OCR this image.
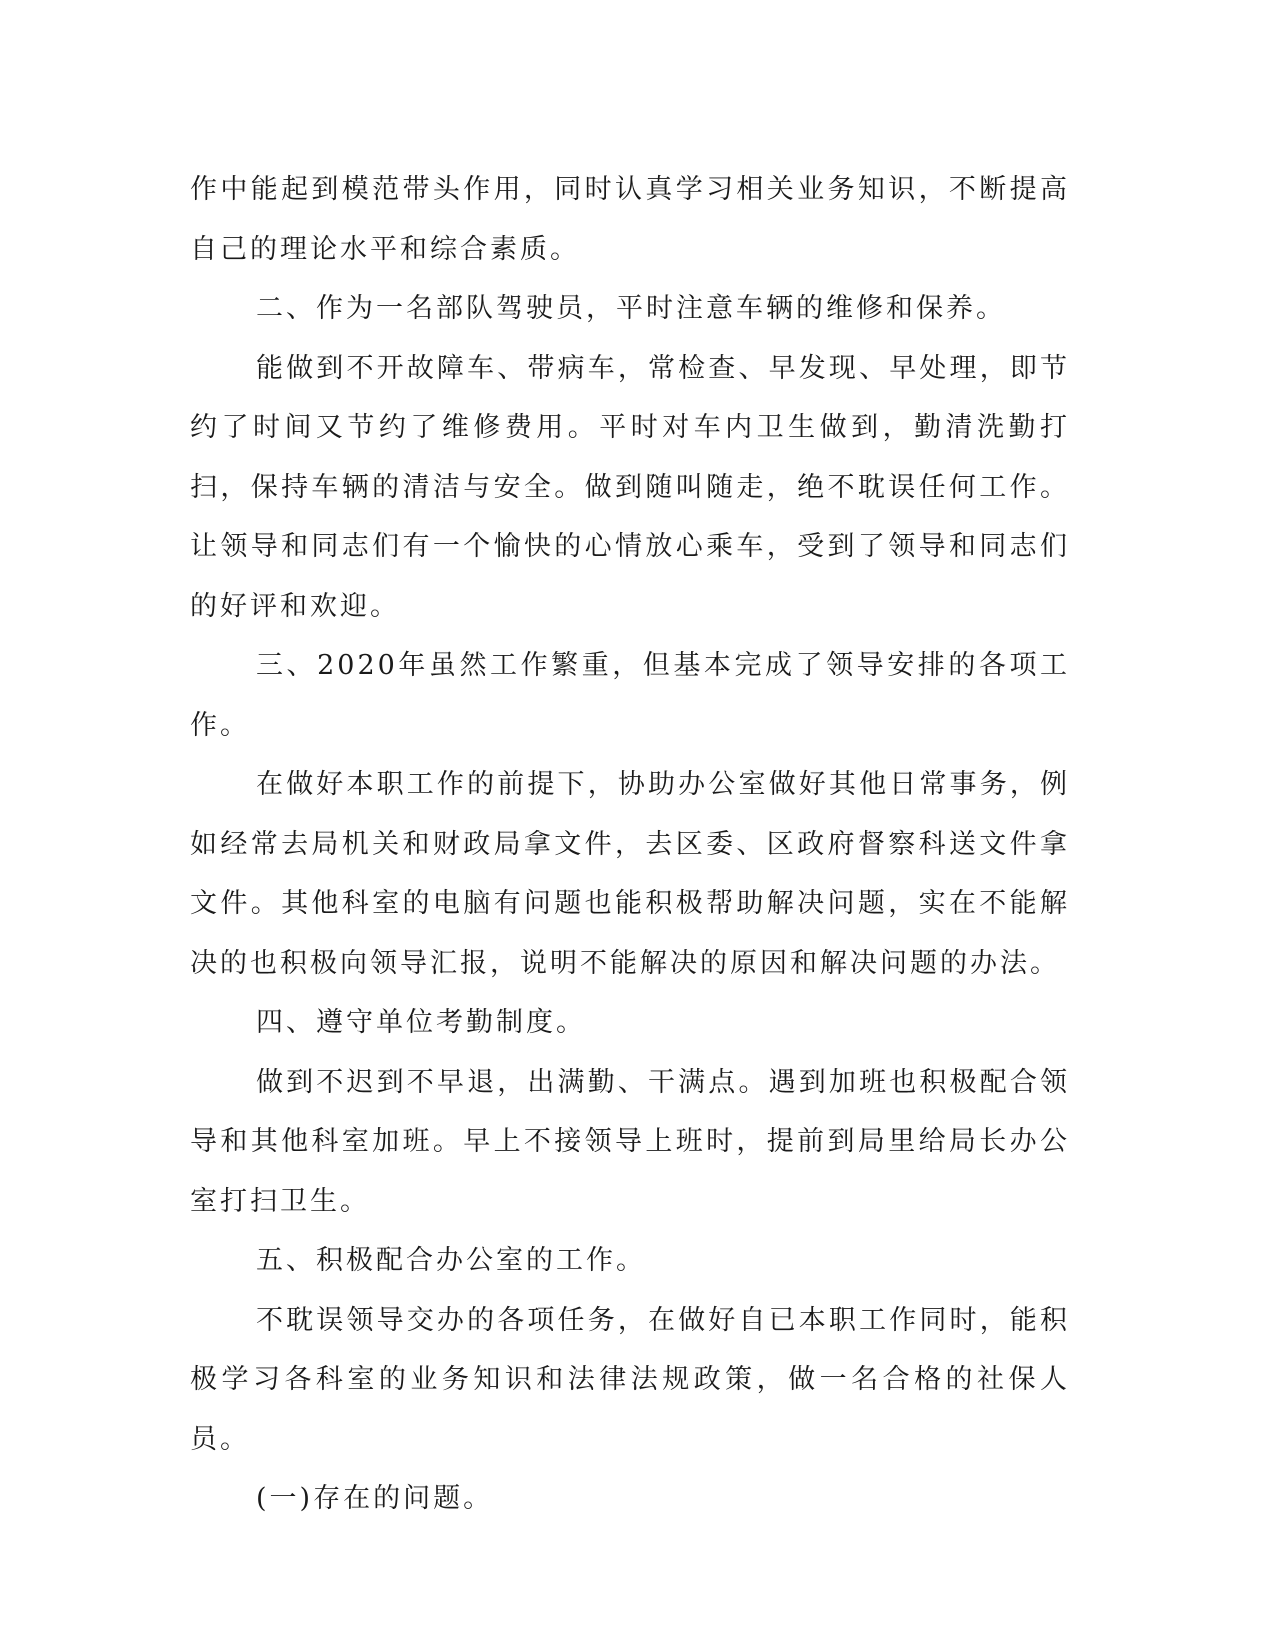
作中能起到模范带头作用，同时认真学习相关业务知识，不断提高自己的理论水平和综合素质。

二、作为一名部队驾驶员，平时注意车辆的维修和保养。

能做到不开故障车、带病车，常检查、早发现、早处理，即节约了时间又节约了维修费用。平时对车内卫生做到，勤清洗勤打扫，保持车辆的清洁与安全。做到随叫随走，绝不耽误任何工作。让领导和同志们有一个愉快的心情放心乘车，受到了领导和同志们的好评和欢迎。

三、2020年虽然工作繁重，但基本完成了领导安排的各项工作。

在做好本职工作的前提下，协助办公室做好其他日常事务，例如经常去局机关和财政局拿文件，去区委、区政府督察科送文件拿文件。其他科室的电脑有问题也能积极帮助解决问题，实在不能解决的也积极向领导汇报，说明不能解决的原因和解决问题的办法。

四、遵守单位考勤制度。

做到不迟到不早退，出满勤、干满点。遇到加班也积极配合领导和其他科室加班。早上不接领导上班时，提前到局里给局长办公室打扫卫生。

五、积极配合办公室的工作。

不耽误领导交办的各项任务，在做好自已本职工作同时，能积极学习各科室的业务知识和法律法规政策，做一名合格的社保人员。

(一)存在的问题。
